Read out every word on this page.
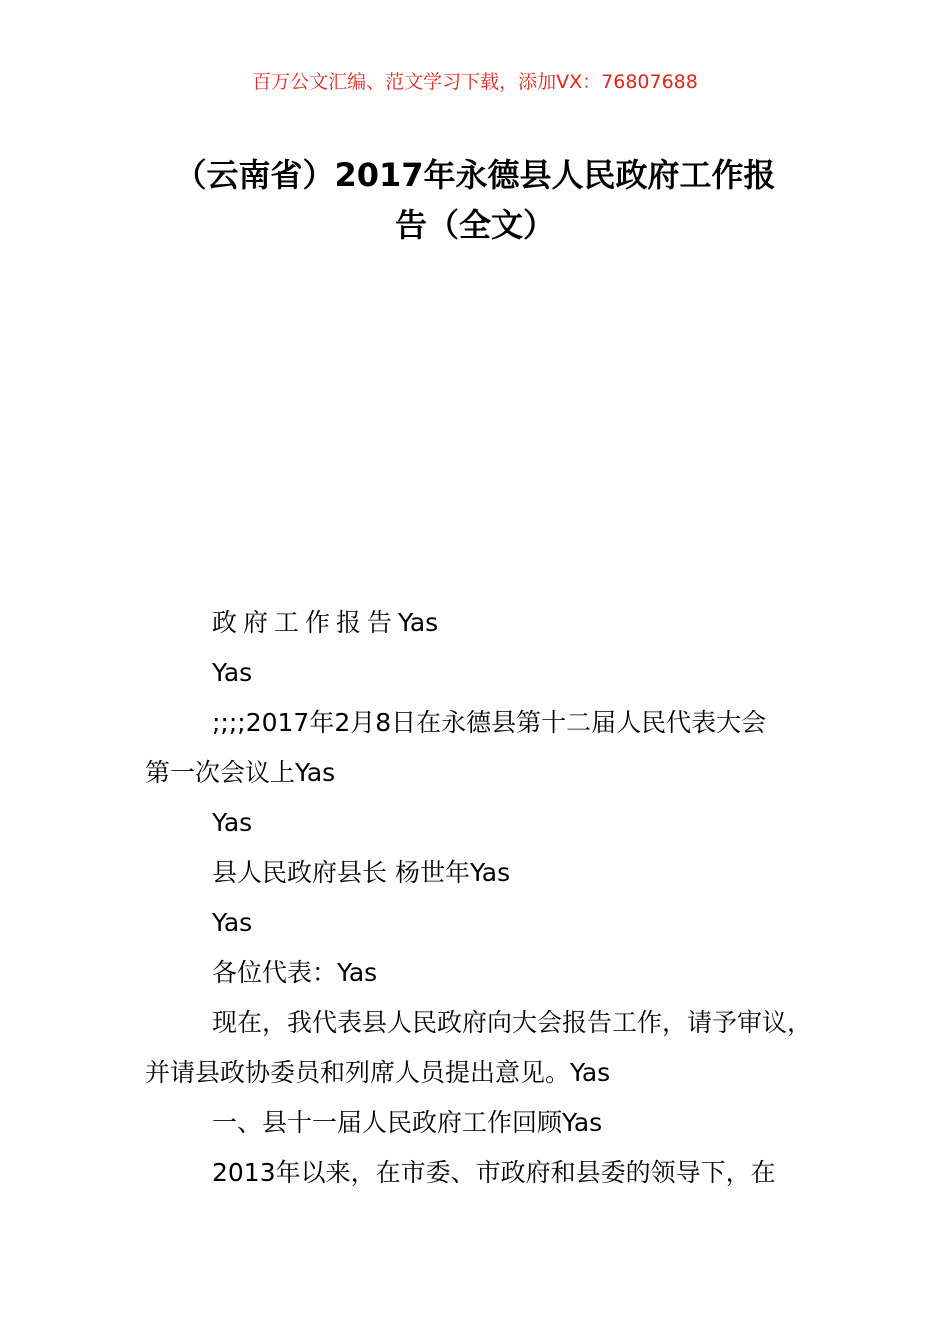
百万公文汇编、范文学习下载，添加VX：76807688
（云南省）2017年永德县人民政府工作报
告（全文）

政府工作报告Yas

Yas

;;;;2017年2月8日在永德县第十二届人民代表大会

第一次会议上Yas

Yas

县人民政府县长 杨世年Yas

Yas

各位代表：Yas

现在，我代表县人民政府向大会报告工作，请予审议，

并请县政协委员和列席人员提出意见。Yas

一、县十一届人民政府工作回顾Yas

2013年以来，在市委、市政府和县委的领导下，在
